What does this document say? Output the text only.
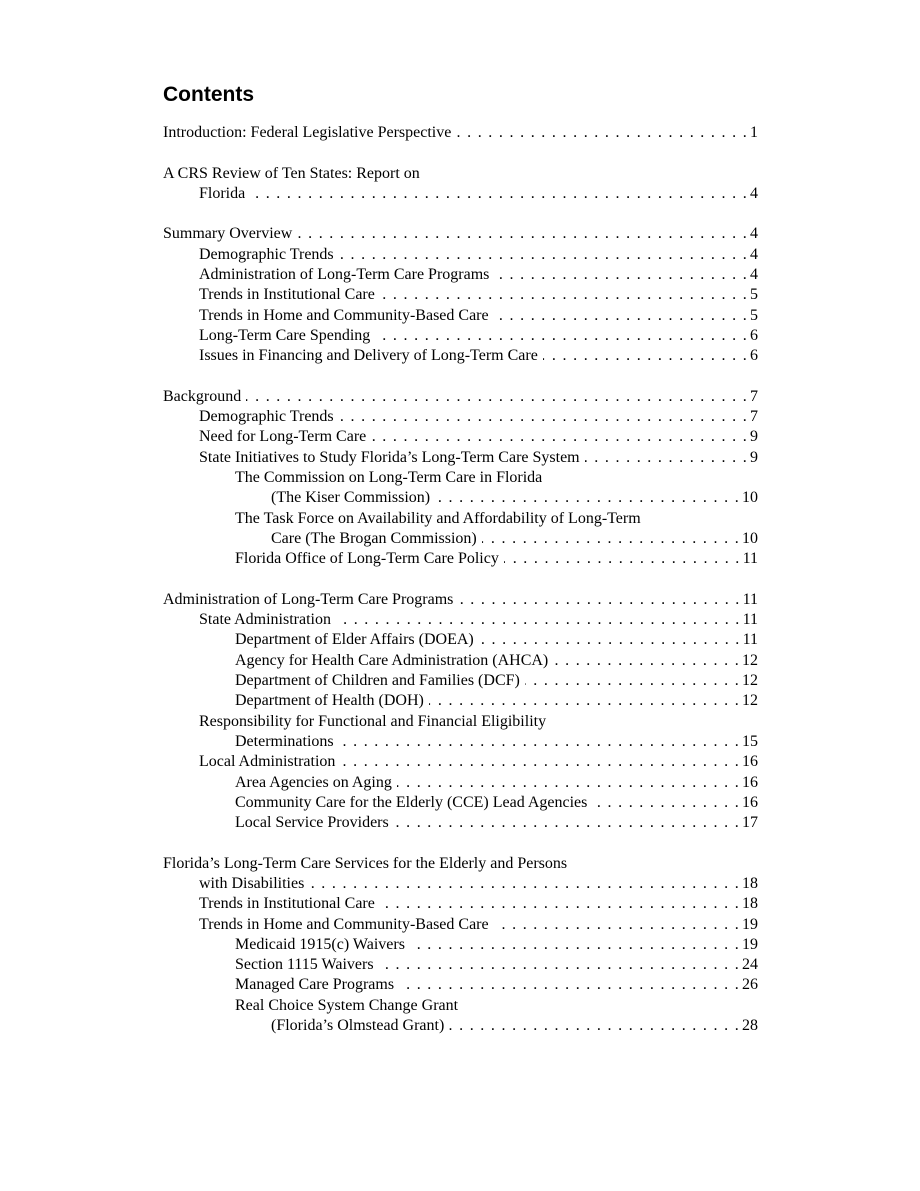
Contents
Introduction: Federal Legislative Perspective . . .	1
A CRS Review of Ten States: Report on
Florida . . .	4
Summary Overview . . .	4
Demographic Trends . . .	4
Administration of Long-Term Care Programs . . .	4
Trends in Institutional Care . . .	5
Trends in Home and Community-Based Care . . .	5
Long-Term Care Spending . . .	6
Issues in Financing and Delivery of Long-Term Care . . .	6
Background . . .	7
Demographic Trends . . .	7
Need for Long-Term Care . . .	9
State Initiatives to Study Florida’s Long-Term Care System . . .	9
The Commission on Long-Term Care in Florida
(The Kiser Commission) . . .	10
The Task Force on Availability and Affordability of Long-Term
Care (The Brogan Commission) . . .	10
Florida Office of Long-Term Care Policy . . .	11
Administration of Long-Term Care Programs . . .	11
State Administration . . .	11
Department of Elder Affairs (DOEA) . . .	11
Agency for Health Care Administration (AHCA) . . .	12
Department of Children and Families (DCF) . . .	12
Department of Health (DOH) . . .	12
Responsibility for Functional and Financial Eligibility
Determinations . . .	15
Local Administration . . .	16
Area Agencies on Aging . . .	16
Community Care for the Elderly (CCE) Lead Agencies . . .	16
Local Service Providers . . .	17
Florida’s Long-Term Care Services for the Elderly and Persons
with Disabilities . . .	18
Trends in Institutional Care . . .	18
Trends in Home and Community-Based Care . . .	19
Medicaid 1915(c) Waivers . . .	19
Section 1115 Waivers . . .	24
Managed Care Programs . . .	26
Real Choice System Change Grant
(Florida’s Olmstead Grant) . . .	28
